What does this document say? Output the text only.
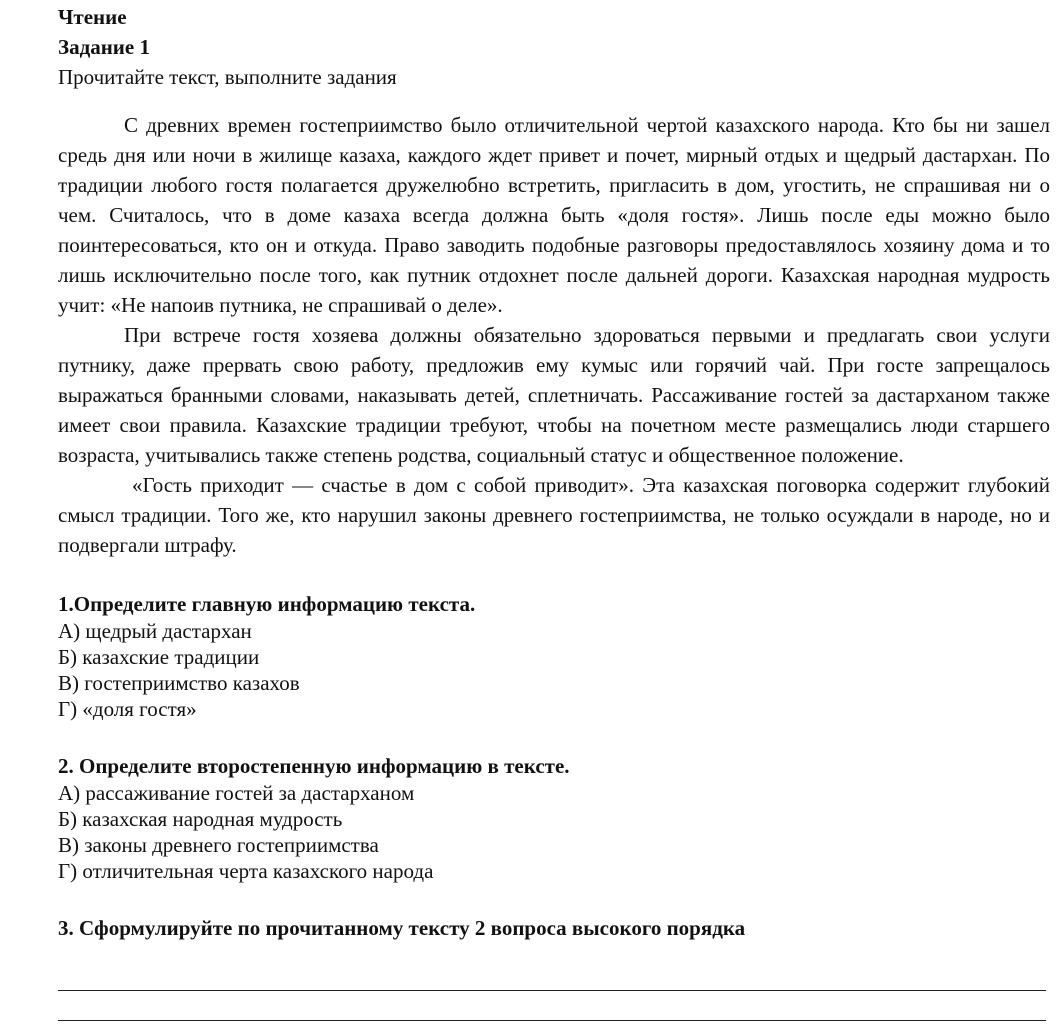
Чтение
Задание 1
Прочитайте текст, выполните задания

С древних времен гостеприимство было отличительной чертой казахского народа. Кто бы ни зашел средь дня или ночи в жилище казаха, каждого ждет привет и почет, мирный отдых и щедрый дастархан. По традиции любого гостя полагается дружелюбно встретить, пригласить в дом, угостить, не спрашивая ни о чем. Считалось, что в доме казаха всегда должна быть «доля гостя». Лишь после еды можно было поинтересоваться, кто он и откуда. Право заводить подобные разговоры предоставлялось хозяину дома и то лишь исключительно после того, как путник отдохнет после дальней дороги. Казахская народная мудрость учит: «Не напоив путника, не спрашивай о деле».

При встрече гостя хозяева должны обязательно здороваться первыми и предлагать свои услуги путнику, даже прервать свою работу, предложив ему кумыс или горячий чай. При госте запрещалось выражаться бранными словами, наказывать детей, сплетничать. Рассаживание гостей за дастарханом также имеет свои правила. Казахские традиции требуют, чтобы на почетном месте размещались люди старшего возраста, учитывались также степень родства, социальный статус и общественное положение.

«Гость приходит — счастье в дом с собой приводит». Эта казахская поговорка содержит глубокий смысл традиции. Того же, кто нарушил законы древнего гостеприимства, не только осуждали в народе, но и подвергали штрафу.

1.Определите главную информацию текста.
А) щедрый дастархан
Б) казахские традиции
В) гостеприимство казахов
Г) «доля гостя»
2. Определите второстепенную информацию в тексте.
А) рассаживание гостей за дастарханом
Б) казахская народная мудрость
В) законы древнего гостеприимства
Г) отличительная черта казахского народа
3. Сформулируйте по прочитанному тексту 2 вопроса высокого порядка
